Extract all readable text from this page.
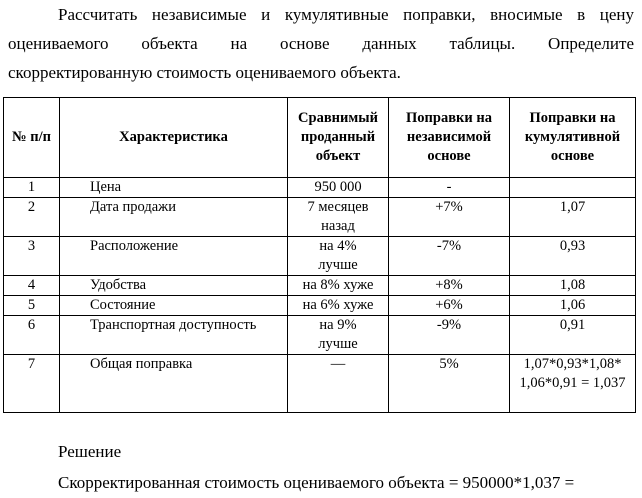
Рассчитать независимые и кумулятивные поправки, вносимые в цену
оцениваемого объекта на основе данных таблицы. Определите
скорректированную стоимость оцениваемого объекта.
№ п/п	Характеристика	Сравнимый проданный объект	Поправки на независимой основе	Поправки на кумулятивной основе
1	Цена	950 000	-	
2	Дата продажи	7 месяцев назад	+7%	1,07
3	Расположение	на 4% лучше	-7%	0,93
4	Удобства	на 8% хуже	+8%	1,08
5	Состояние	на 6% хуже	+6%	1,06
6	Транспортная доступность	на 9% лучше	-9%	0,91
7	Общая поправка	—	5%	1,07*0,93*1,08* 1,06*0,91 = 1,037
Решение
Скорректированная стоимость оцениваемого объекта = 950000*1,037 =
